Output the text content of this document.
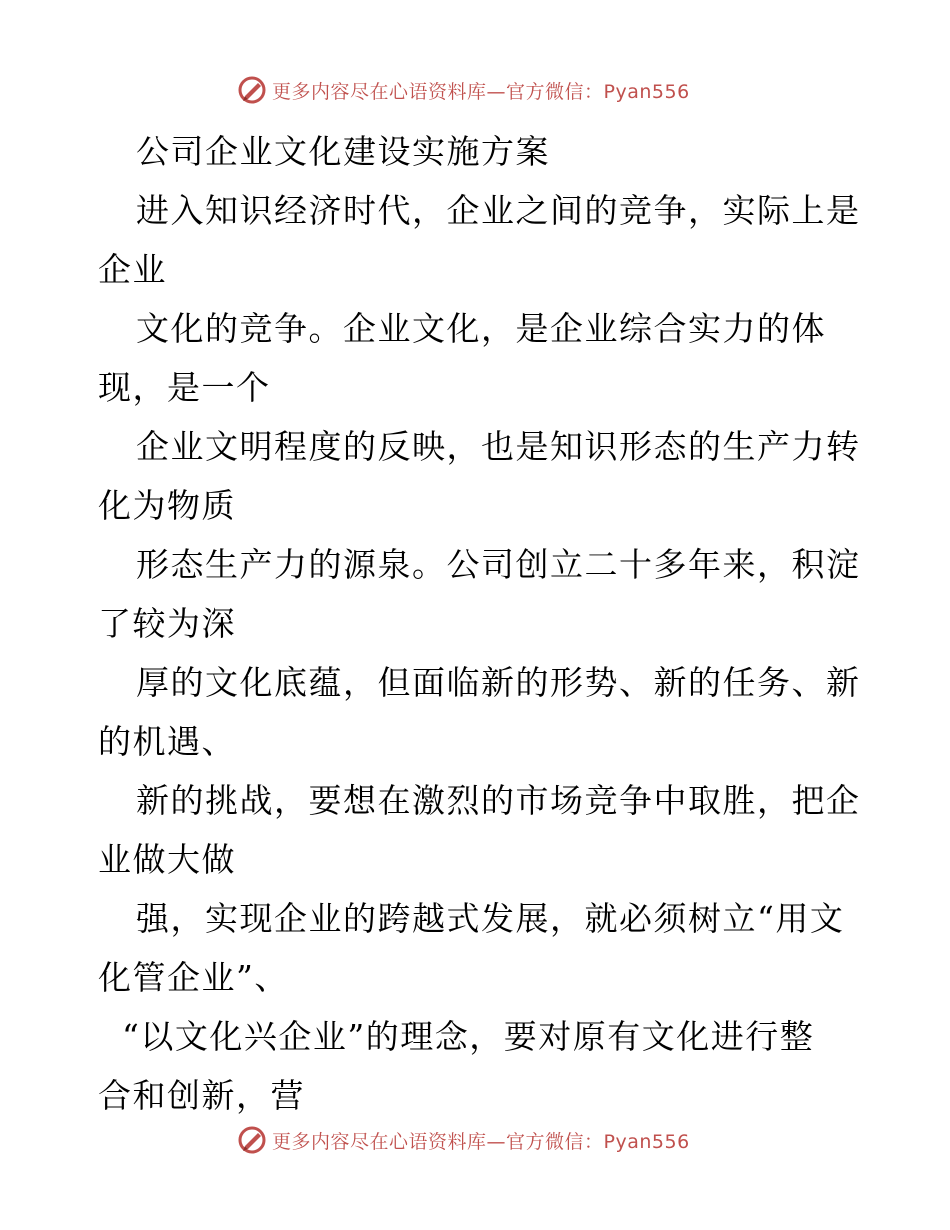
更多内容尽在心语资料库—官方微信：Pyan556
公司企业文化建设实施方案
进入知识经济时代，企业之间的竞争，实际上是
企业
文化的竞争。企业文化，是企业综合实力的体
现，是一个
企业文明程度的反映，也是知识形态的生产力转
化为物质
形态生产力的源泉。公司创立二十多年来，积淀
了较为深
厚的文化底蕴，但面临新的形势、新的任务、新
的机遇、
新的挑战，要想在激烈的市场竞争中取胜，把企
业做大做
强，实现企业的跨越式发展，就必须树立“用文
化管企业”、
“以文化兴企业”的理念，要对原有文化进行整
合和创新，营
更多内容尽在心语资料库—官方微信：Pyan556
